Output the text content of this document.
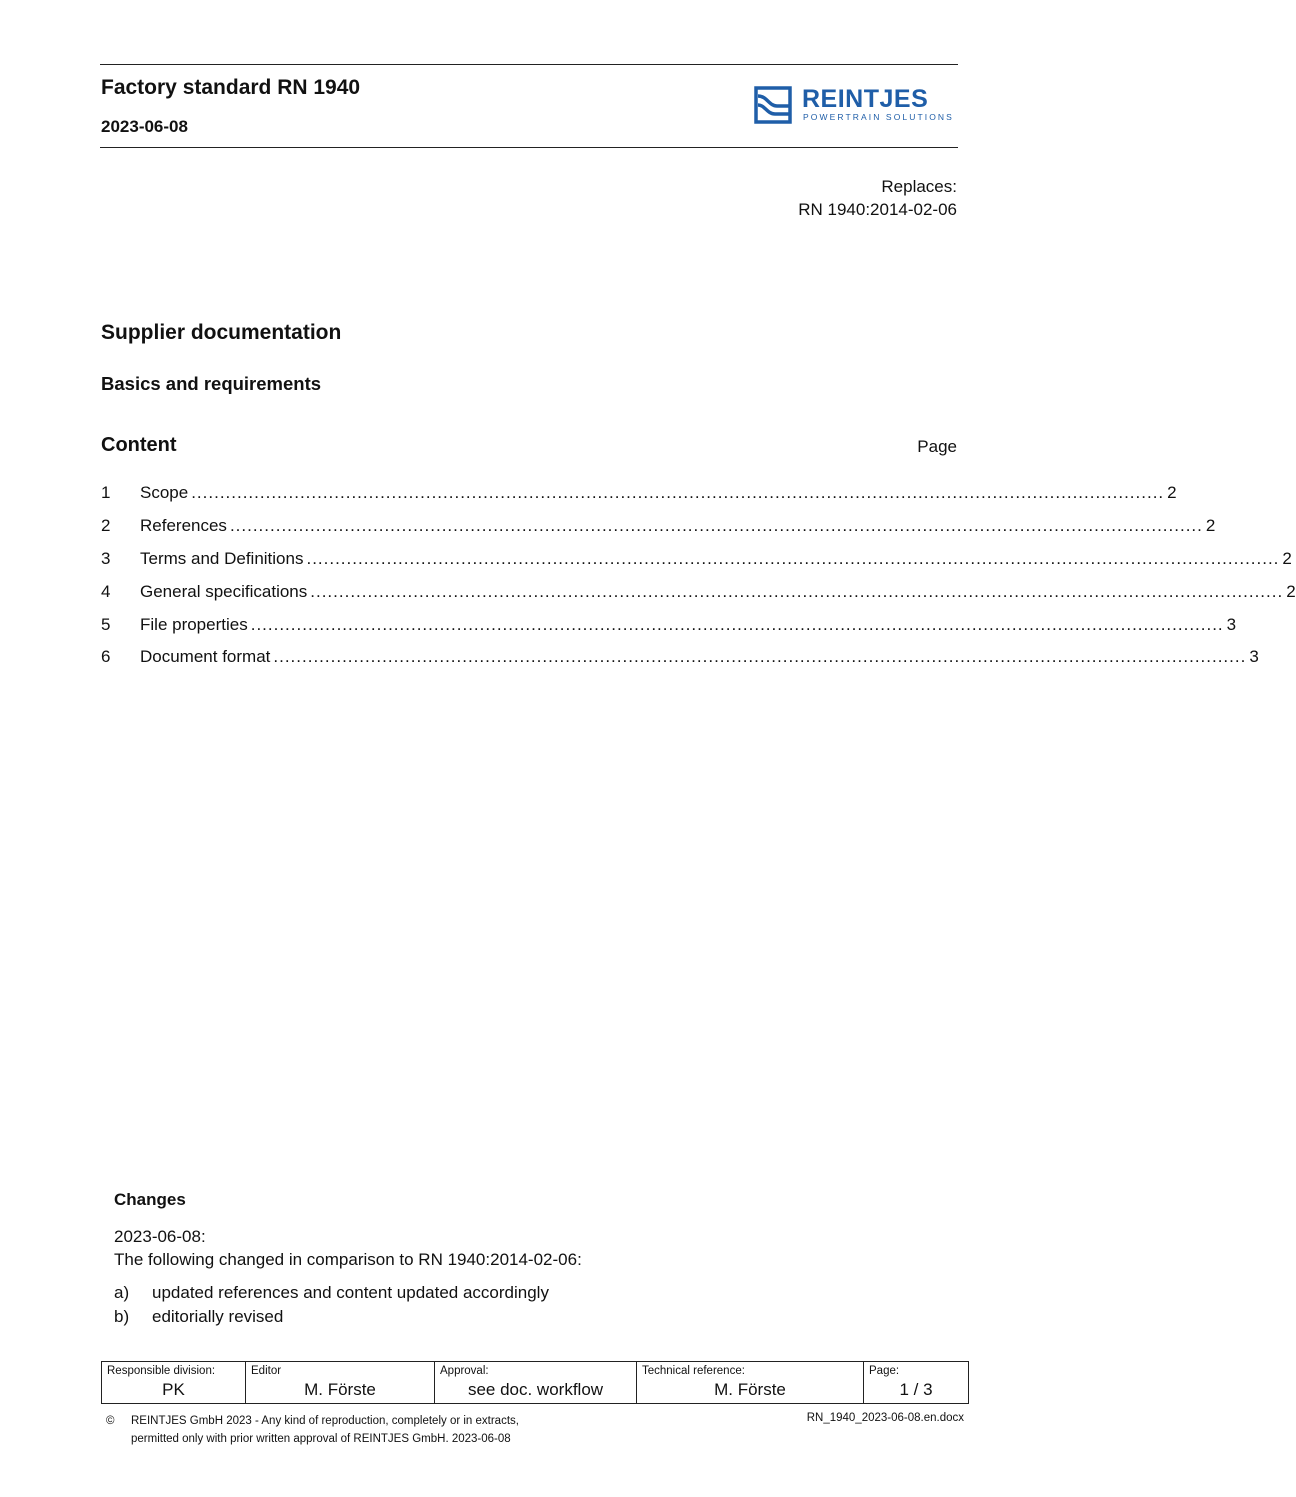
Factory standard RN 1940
2023-06-08
REINTJES
POWERTRAIN SOLUTIONS
Replaces:
RN 1940:2014-02-06
Supplier documentation
Basics and requirements
Content	Page
1	Scope .......................................................................................................................................................................... 2
2	References .......................................................................................................................................................................... 2
3	Terms and Definitions .......................................................................................................................................................................... 2
4	General specifications .......................................................................................................................................................................... 2
5	File properties .......................................................................................................................................................................... 3
6	Document format .......................................................................................................................................................................... 3
Changes
2023-06-08:
The following changed in comparison to RN 1940:2014-02-06:
a)	updated references and content updated accordingly
b)	editorially revised
Responsible division:
PK

Editor
M. Förste

Approval:
see doc. workflow

Technical reference:
M. Förste

Page:
1 / 3
© REINTJES GmbH 2023 - Any kind of reproduction, completely or in extracts,
permitted only with prior written approval of REINTJES GmbH. 2023-06-08
RN_1940_2023-06-08.en.docx
